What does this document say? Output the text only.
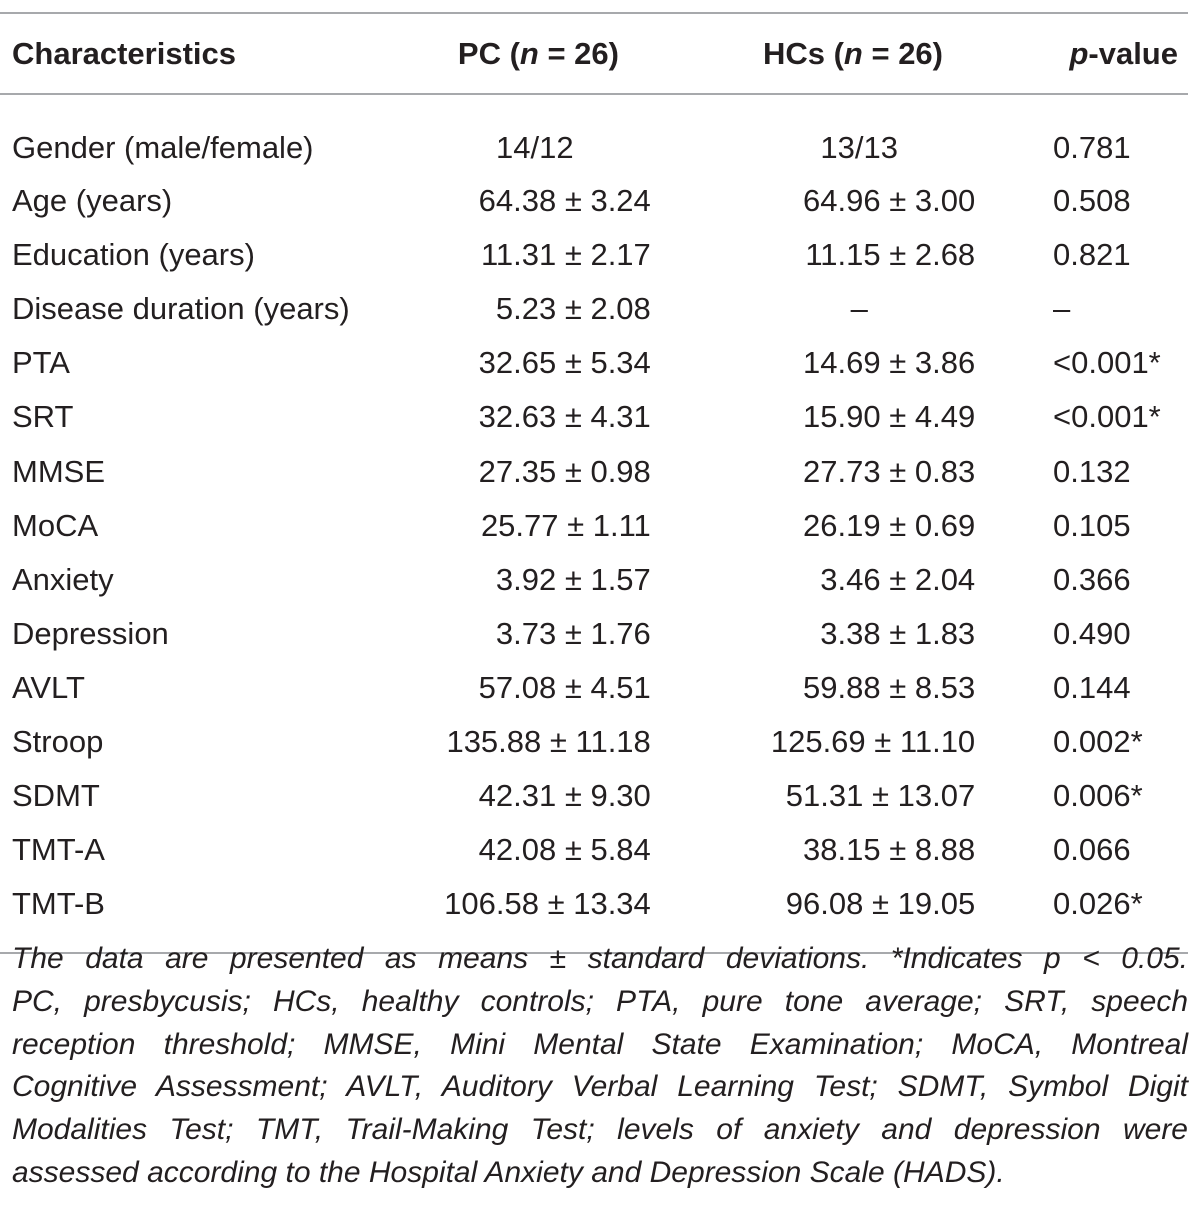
Characteristics	PC (n = 26)	HCs (n = 26)	p-value
Gender (male/female)	14/12	13/13	0.781
Age (years)	64.38 ± 3.24	64.96 ± 3.00	0.508
Education (years)	11.31 ± 2.17	11.15 ± 2.68	0.821
Disease duration (years)	5.23 ± 2.08	–	–
PTA	32.65 ± 5.34	14.69 ± 3.86	<0.001*
SRT	32.63 ± 4.31	15.90 ± 4.49	<0.001*
MMSE	27.35 ± 0.98	27.73 ± 0.83	0.132
MoCA	25.77 ± 1.11	26.19 ± 0.69	0.105
Anxiety	3.92 ± 1.57	3.46 ± 2.04	0.366
Depression	3.73 ± 1.76	3.38 ± 1.83	0.490
AVLT	57.08 ± 4.51	59.88 ± 8.53	0.144
Stroop	135.88 ± 11.18	125.69 ± 11.10	0.002*
SDMT	42.31 ± 9.30	51.31 ± 13.07	0.006*
TMT-A	42.08 ± 5.84	38.15 ± 8.88	0.066
TMT-B	106.58 ± 13.34	96.08 ± 19.05	0.026*
The data are presented as means ± standard deviations. *Indicates p < 0.05.
PC, presbycusis; HCs, healthy controls; PTA, pure tone average; SRT, speech
reception threshold; MMSE, Mini Mental State Examination; MoCA, Montreal
Cognitive Assessment; AVLT, Auditory Verbal Learning Test; SDMT, Symbol Digit
Modalities Test; TMT, Trail-Making Test; levels of anxiety and depression were
assessed according to the Hospital Anxiety and Depression Scale (HADS).
